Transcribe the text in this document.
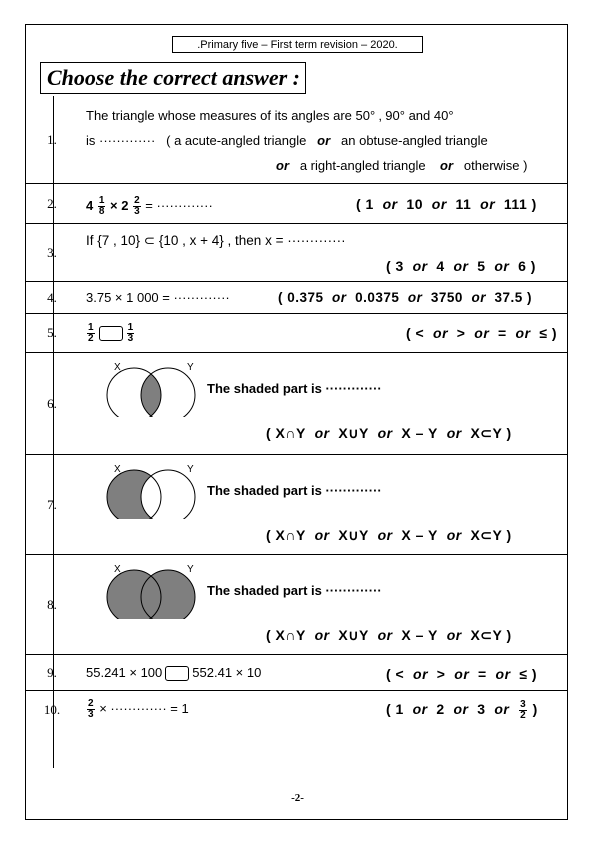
.Primary five – First term revision – 2020.
Choose the correct answer :
1.
The triangle whose measures of its angles are 50° ‚ 90° and 40°
is ············· ( a acute-angled triangle or an obtuse-angled triangle
or a right-angled triangle or otherwise )
2.	$4 \frac{1}{8} \times 2 \frac{2}{3}$ = ·············	( 1 or 10 or 11 or 111 )
3.
If {7 , 10} ⊂ {10 , x + 4} , then x = ·············
( 3 or 4 or 5 or 6 )
4.	3.75 × 1 000 = ·············	( 0.375 or 0.0375 or 3750 or 37.5 )
5.	$\frac{1}{2}$	$\frac{1}{3}$	( < or > or = or ≤ )
6.
X	Y
The shaded part is ·············
( X∩Y or X∪Y or X – Y or X⊂Y )
7.
X	Y
The shaded part is ·············
( X∩Y or X∪Y or X – Y or X⊂Y )
8.
X	Y
The shaded part is ·············
( X∩Y or X∪Y or X – Y or X⊂Y )
9.	55.241 × 100 552.41 × 10	( < or > or = or ≤ )
10.	$\frac{2}{3}$ × ············· = 1	( 1 or 2 or 3 or $\frac{3}{2}$ )
-2-
